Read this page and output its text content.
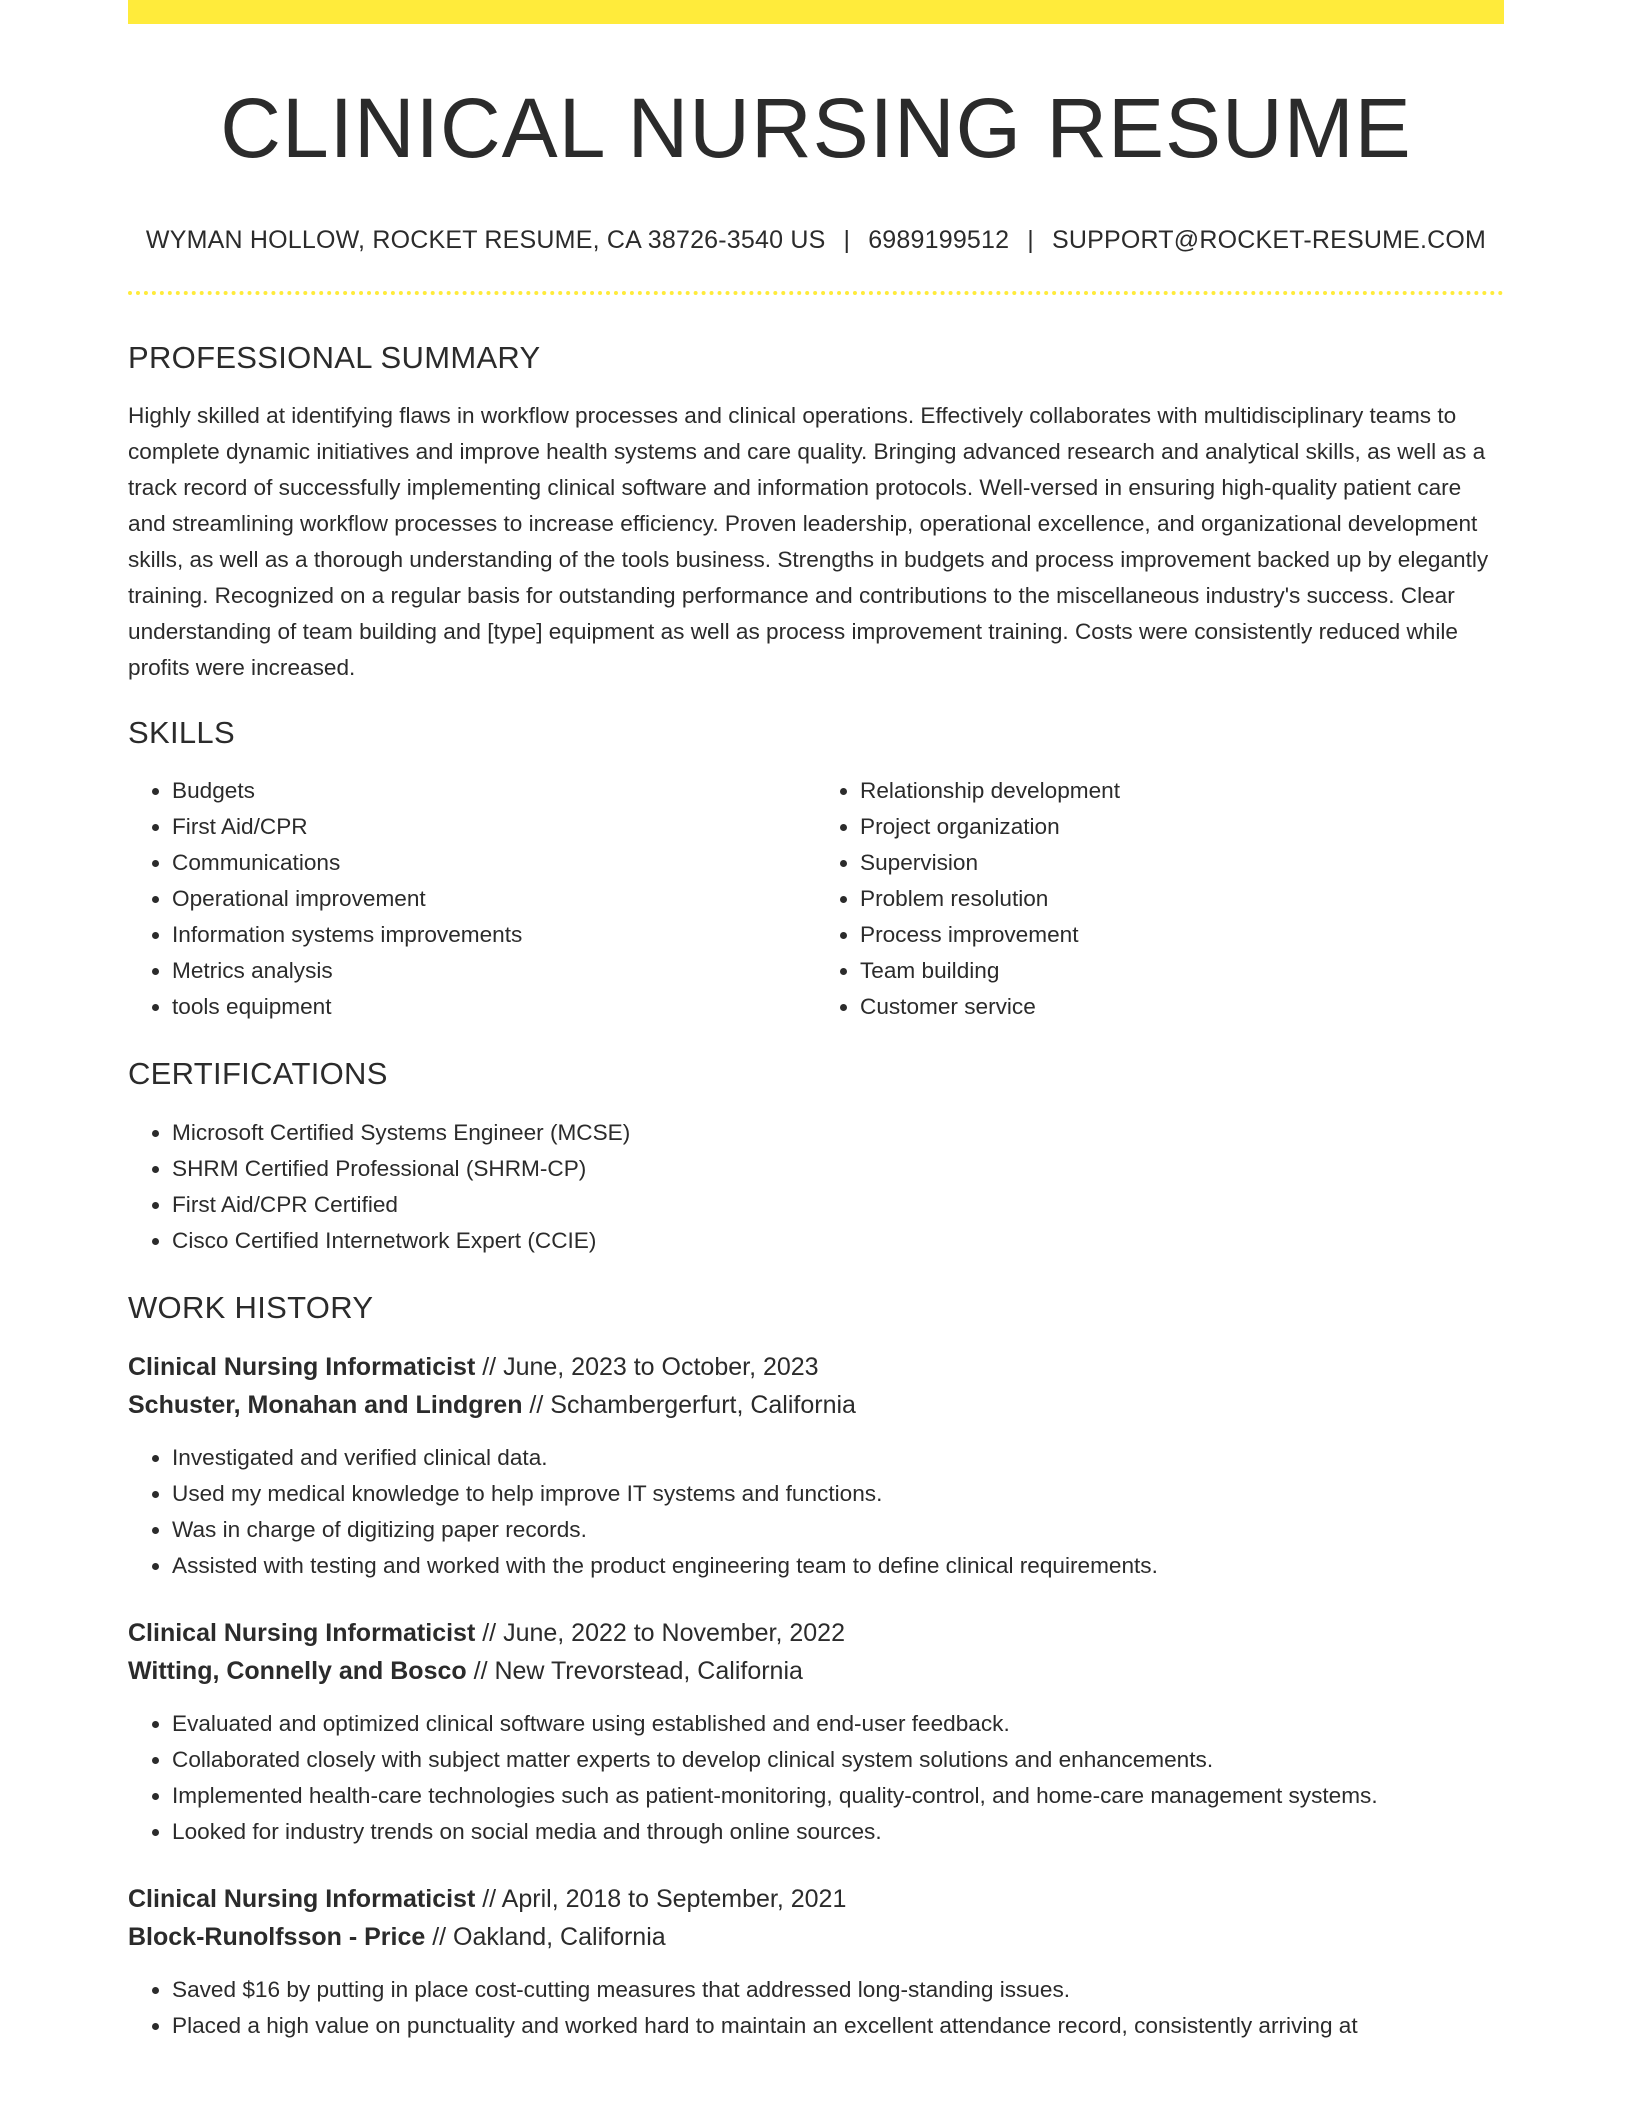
CLINICAL NURSING RESUME
WYMAN HOLLOW, ROCKET RESUME, CA 38726-3540 US | 6989199512 | SUPPORT@ROCKET-RESUME.COM
PROFESSIONAL SUMMARY
Highly skilled at identifying flaws in workflow processes and clinical operations. Effectively collaborates with multidisciplinary teams to complete dynamic initiatives and improve health systems and care quality. Bringing advanced research and analytical skills, as well as a track record of successfully implementing clinical software and information protocols. Well-versed in ensuring high-quality patient care and streamlining workflow processes to increase efficiency. Proven leadership, operational excellence, and organizational development skills, as well as a thorough understanding of the tools business. Strengths in budgets and process improvement backed up by elegantly training. Recognized on a regular basis for outstanding performance and contributions to the miscellaneous industry's success. Clear understanding of team building and [type] equipment as well as process improvement training. Costs were consistently reduced while profits were increased.
SKILLS
• Budgets
• First Aid/CPR
• Communications
• Operational improvement
• Information systems improvements
• Metrics analysis
• tools equipment
• Relationship development
• Project organization
• Supervision
• Problem resolution
• Process improvement
• Team building
• Customer service
CERTIFICATIONS
• Microsoft Certified Systems Engineer (MCSE)
• SHRM Certified Professional (SHRM-CP)
• First Aid/CPR Certified
• Cisco Certified Internetwork Expert (CCIE)
WORK HISTORY
Clinical Nursing Informaticist // June, 2023 to October, 2023
Schuster, Monahan and Lindgren // Schambergerfurt, California
• Investigated and verified clinical data.
• Used my medical knowledge to help improve IT systems and functions.
• Was in charge of digitizing paper records.
• Assisted with testing and worked with the product engineering team to define clinical requirements.
Clinical Nursing Informaticist // June, 2022 to November, 2022
Witting, Connelly and Bosco // New Trevorstead, California
• Evaluated and optimized clinical software using established and end-user feedback.
• Collaborated closely with subject matter experts to develop clinical system solutions and enhancements.
• Implemented health-care technologies such as patient-monitoring, quality-control, and home-care management systems.
• Looked for industry trends on social media and through online sources.
Clinical Nursing Informaticist // April, 2018 to September, 2021
Block-Runolfsson - Price // Oakland, California
• Saved $16 by putting in place cost-cutting measures that addressed long-standing issues.
• Placed a high value on punctuality and worked hard to maintain an excellent attendance record, consistently arriving at
